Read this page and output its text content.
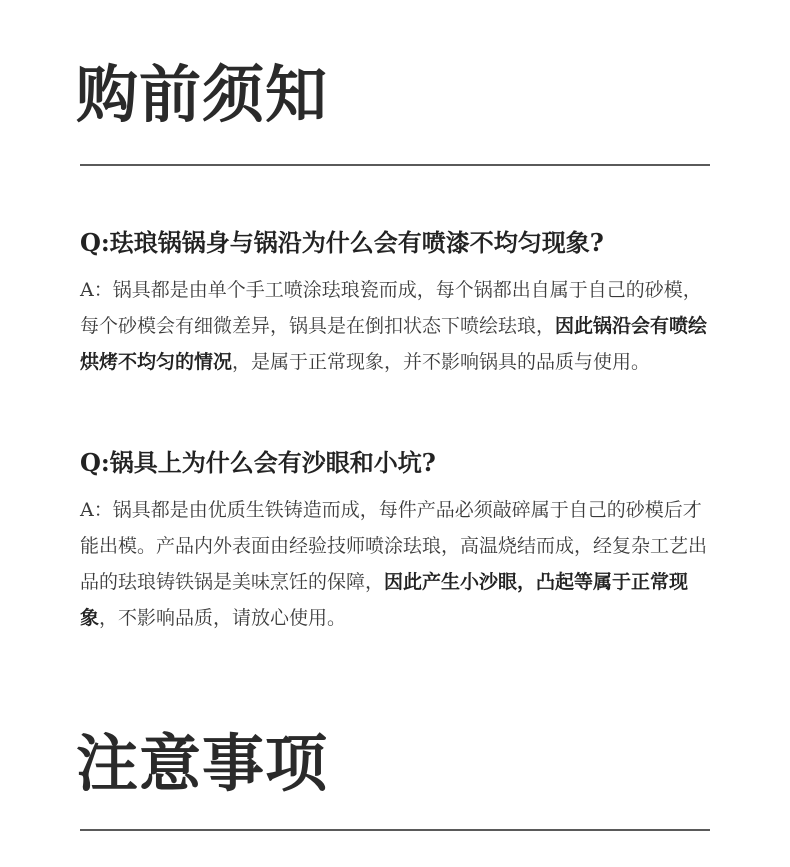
购前须知
Q:珐琅锅锅身与锅沿为什么会有喷漆不均匀现象?

A：锅具都是由单个手工喷涂珐琅瓷而成，每个锅都出自属于自己的砂模，每个砂模会有细微差异，锅具是在倒扣状态下喷绘珐琅，因此锅沿会有喷绘烘烤不均匀的情况，是属于正常现象，并不影响锅具的品质与使用。

Q:锅具上为什么会有沙眼和小坑?

A：锅具都是由优质生铁铸造而成，每件产品必须敲碎属于自己的砂模后才能出模。产品内外表面由经验技师喷涂珐琅，高温烧结而成，经复杂工艺出品的珐琅铸铁锅是美味烹饪的保障，因此产生小沙眼，凸起等属于正常现象，不影响品质，请放心使用。

注意事项
